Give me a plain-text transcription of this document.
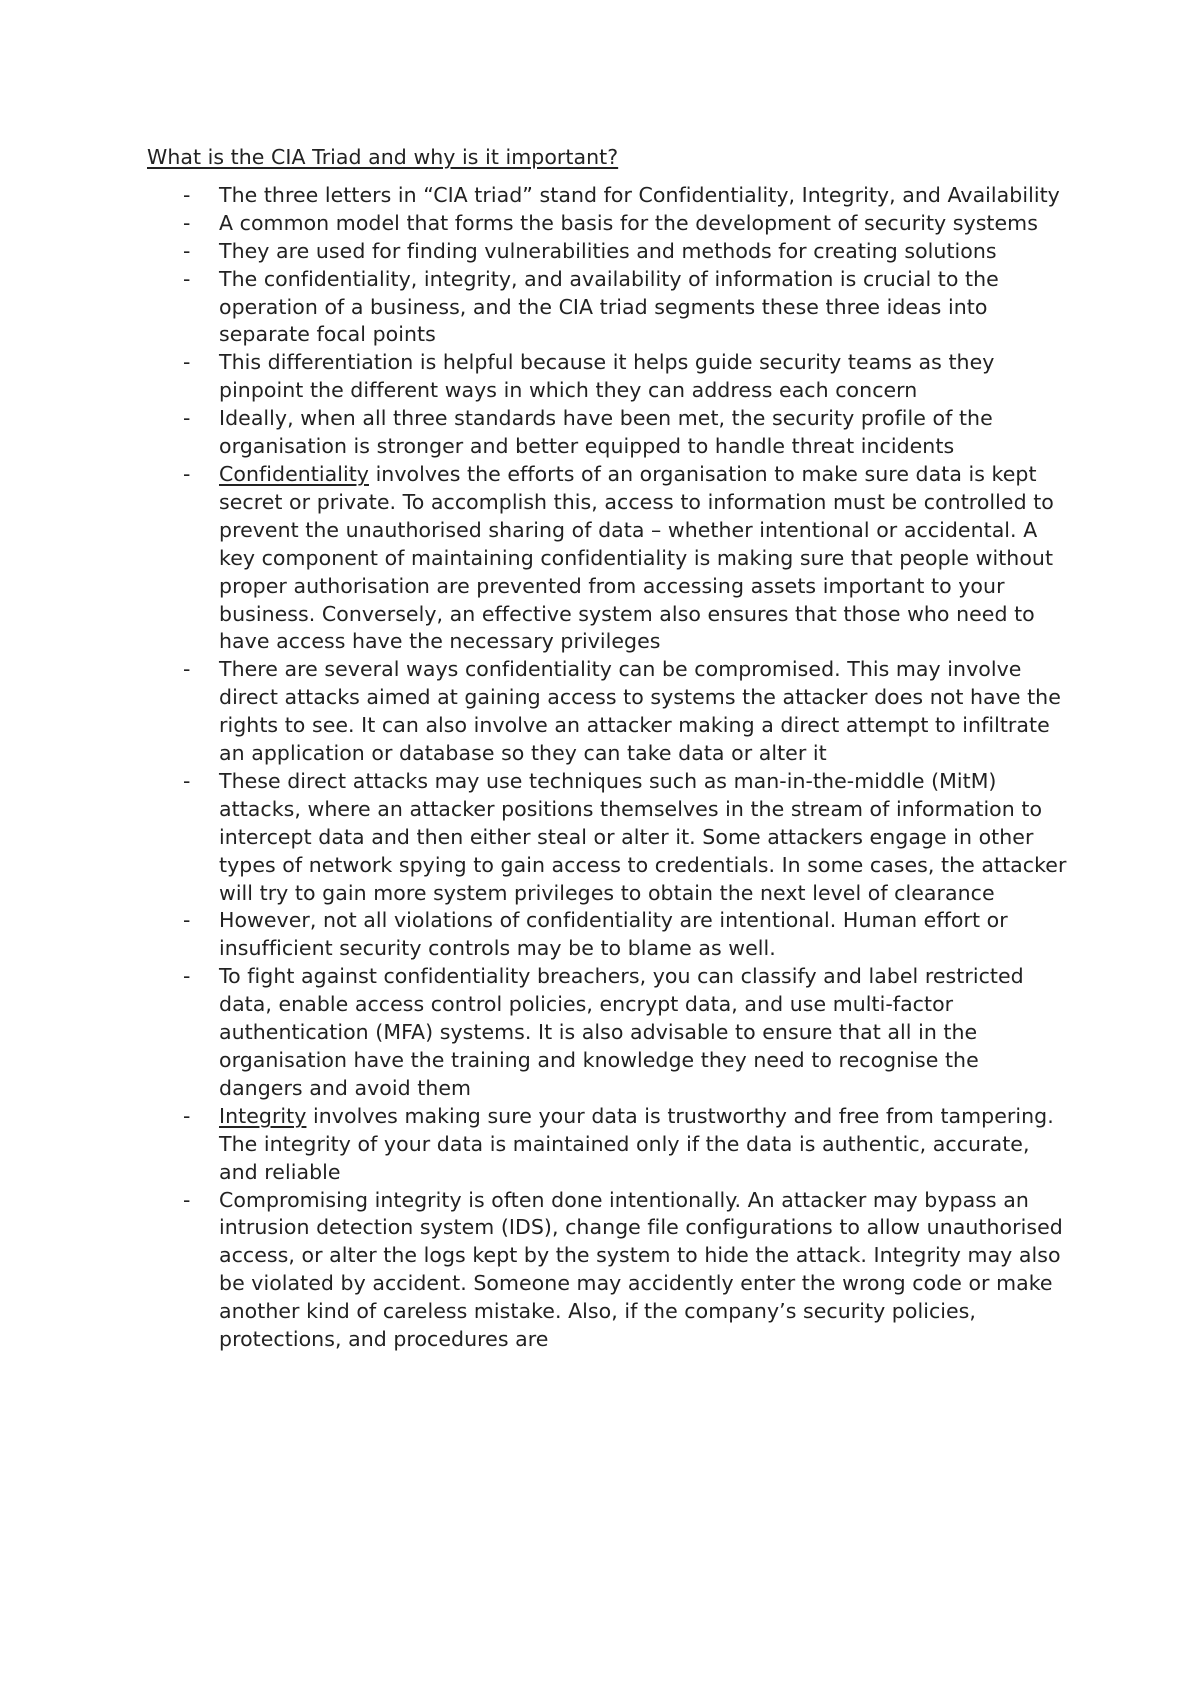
What is the CIA Triad and why is it important?
- The three letters in “CIA triad” stand for Confidentiality, Integrity, and Availability
- A common model that forms the basis for the development of security systems
- They are used for finding vulnerabilities and methods for creating solutions
- The confidentiality, integrity, and availability of information is crucial to the operation of a business, and the CIA triad segments these three ideas into separate focal points
- This differentiation is helpful because it helps guide security teams as they pinpoint the different ways in which they can address each concern
- Ideally, when all three standards have been met, the security profile of the organisation is stronger and better equipped to handle threat incidents
- Confidentiality involves the efforts of an organisation to make sure data is kept secret or private. To accomplish this, access to information must be controlled to prevent the unauthorised sharing of data – whether intentional or accidental. A key component of maintaining confidentiality is making sure that people without proper authorisation are prevented from accessing assets important to your business. Conversely, an effective system also ensures that those who need to have access have the necessary privileges
- There are several ways confidentiality can be compromised. This may involve direct attacks aimed at gaining access to systems the attacker does not have the rights to see. It can also involve an attacker making a direct attempt to infiltrate an application or database so they can take data or alter it
- These direct attacks may use techniques such as man-in-the-middle (MitM) attacks, where an attacker positions themselves in the stream of information to intercept data and then either steal or alter it. Some attackers engage in other types of network spying to gain access to credentials. In some cases, the attacker will try to gain more system privileges to obtain the next level of clearance
- However, not all violations of confidentiality are intentional. Human effort or insufficient security controls may be to blame as well.
- To fight against confidentiality breachers, you can classify and label restricted data, enable access control policies, encrypt data, and use multi-factor authentication (MFA) systems. It is also advisable to ensure that all in the organisation have the training and knowledge they need to recognise the dangers and avoid them
- Integrity involves making sure your data is trustworthy and free from tampering. The integrity of your data is maintained only if the data is authentic, accurate, and reliable
- Compromising integrity is often done intentionally. An attacker may bypass an intrusion detection system (IDS), change file configurations to allow unauthorised access, or alter the logs kept by the system to hide the attack. Integrity may also be violated by accident. Someone may accidently enter the wrong code or make another kind of careless mistake. Also, if the company’s security policies, protections, and procedures are
